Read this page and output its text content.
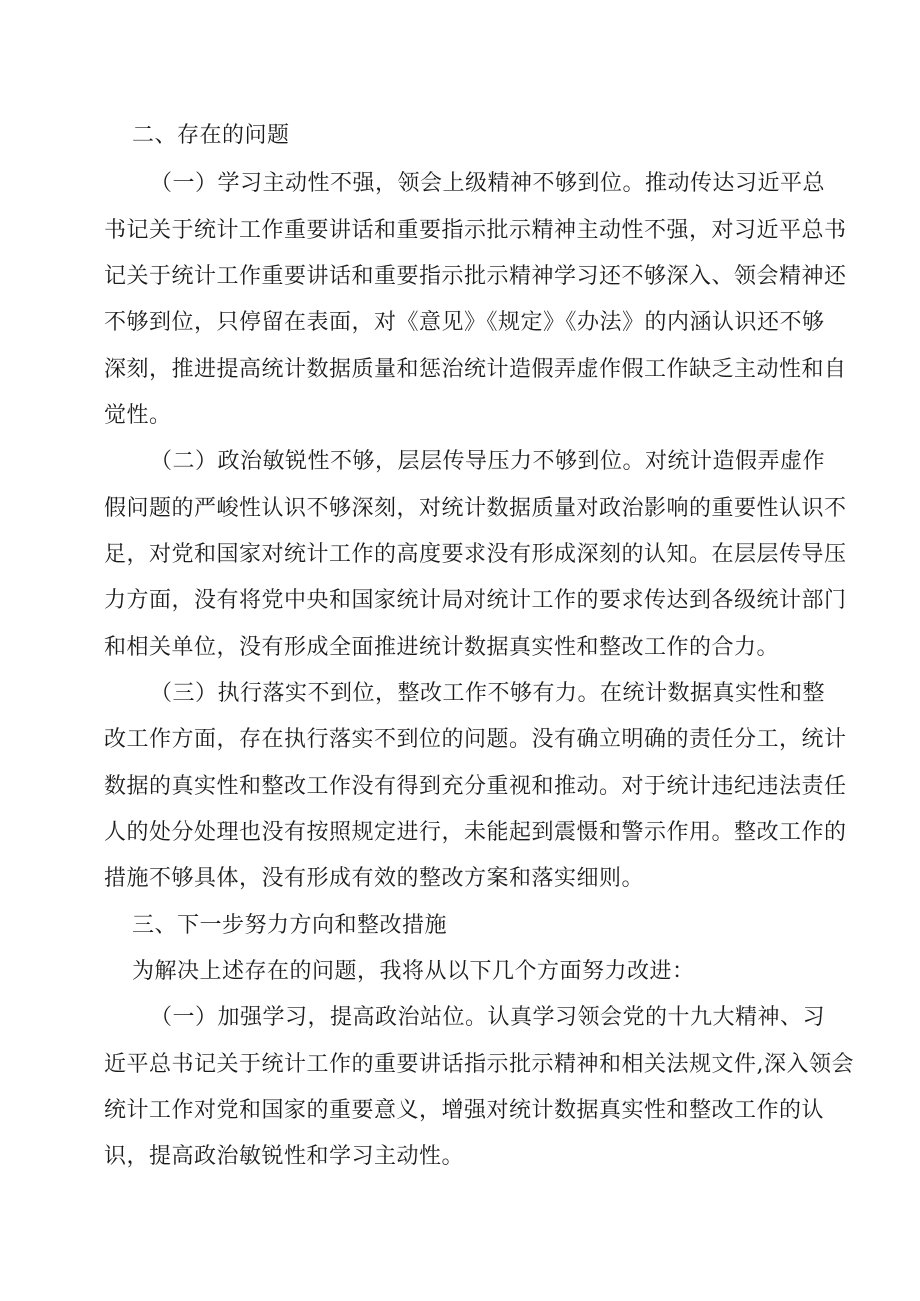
二、存在的问题
（一）学习主动性不强，领会上级精神不够到位。推动传达习近平总
书记关于统计工作重要讲话和重要指示批示精神主动性不强，对习近平总书
记关于统计工作重要讲话和重要指示批示精神学习还不够深入、领会精神还
不够到位，只停留在表面，对《意见》《规定》《办法》的内涵认识还不够
深刻，推进提高统计数据质量和惩治统计造假弄虚作假工作缺乏主动性和自
觉性。
（二）政治敏锐性不够，层层传导压力不够到位。对统计造假弄虚作
假问题的严峻性认识不够深刻，对统计数据质量对政治影响的重要性认识不
足，对党和国家对统计工作的高度要求没有形成深刻的认知。在层层传导压
力方面，没有将党中央和国家统计局对统计工作的要求传达到各级统计部门
和相关单位，没有形成全面推进统计数据真实性和整改工作的合力。
（三）执行落实不到位，整改工作不够有力。在统计数据真实性和整
改工作方面，存在执行落实不到位的问题。没有确立明确的责任分工，统计
数据的真实性和整改工作没有得到充分重视和推动。对于统计违纪违法责任
人的处分处理也没有按照规定进行，未能起到震慑和警示作用。整改工作的
措施不够具体，没有形成有效的整改方案和落实细则。
三、下一步努力方向和整改措施
为解决上述存在的问题，我将从以下几个方面努力改进：
（一）加强学习，提高政治站位。认真学习领会党的十九大精神、习
近平总书记关于统计工作的重要讲话指示批示精神和相关法规文件,深入领会
统计工作对党和国家的重要意义，增强对统计数据真实性和整改工作的认
识，提高政治敏锐性和学习主动性。
